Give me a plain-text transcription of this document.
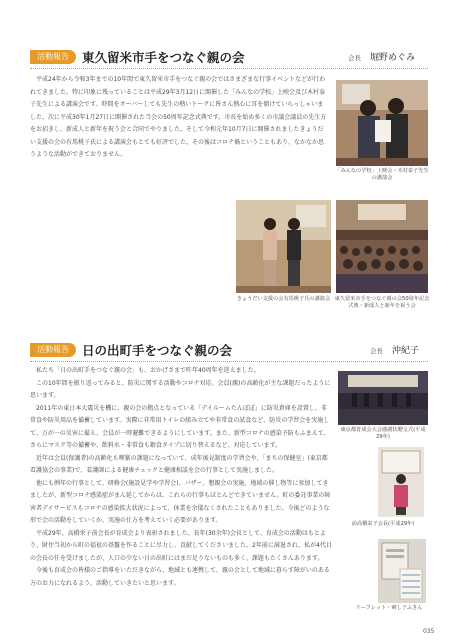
活動報告	東久留米市手をつなぐ親の会	会長 堀野めぐみ

平成24年から令和3年までの10年間で東久留米市手をつなぐ親の会ではさまざまな行事イベントなどが行われてきました。特に印象に残っていることは平成29年3月12日に開催した「みんなの学校」上映会及び木村泰子先生による講演会です。時間をオーバーしても先生の熱いトークに皆さん熱心に耳を傾けていらっしゃいました。次に平成30年1月27日に開催された当会の50周年記念式典です。市長を始め多くの市議会議員の先生方をお招きし、新成人と新年を祝う会と合同でやりました。そして今和元年10月7日に開催されましたきょうだい支援の会の有馬桃子氏による講演会もとても好評でした。その後はコロナ禍ということもあり、なかなか思うような活動ができておりません。

「みんなの学校」上映会・木村泰子先生の講演会

きょうだい支援の会有馬桃子氏の講演会 東久留米市手をつなぐ親の会50周年記念式典・新成人と新年を祝う会

活動報告	日の出町手をつなぐ親の会	会長 沖紀子

私たち「日の出町手をつなぐ親の会」も、おかげさまで昨年40周年を迎えました。

この10年間を振り返ってみると、防災に関する活動やコロナ対応、会員(親)の高齢化が主な課題だったように思います。

2011年の東日本大震災を機に、親の会の拠点となっている「デイルームたんぽぽ」に防災倉庫を設置し、非常食や防災用品を備蓄しています。実際に非常用トイレの組み立てや非常食の試食など、防災の学習会を実施して、万が一の災害に備え、会員が一時避難できるようにしています。また、新型コロナの感染予防もふまえて、さらにマスク等の備蓄や、飲料水・非常食も銀食タイプに切り替えるなど、対応しています。

近年は会員(保護者)の高齢化も喫緊の課題になっていて、成年後見制度の学習会や、「まちの保健室」(東京都看護協会の事業)で、看護師による健康チェックと健康相談を会の行事として実施しました。

他にも例年の行事として、研修会(施設見学や学習会)、バザー、懇親会の実施、地域の催し物等に参加してきましたが、新型コロナ感染症がまん延してからは、これらの行事もほとんどできていません。町の委託事業の障害者デイサービスもコロナの感染拡大状況によって、休業を余儀なくされたこともありました。今後どのような形で会の活動をしていくか、実施の仕方を考えていく必要があります。

平成29年、高橋栄子前会長が育成会より表彰されました。長年(30余年)会長として、育成会の活動はもとより、財住当初から町の福祉の基盤を作ることに尽力し、貢献してくださいました。2年前に満退され、私が4代目の会長の任を受けましたが、人口の少ない日の出町にはまだ足りないものも多く、課題もたくさんあります。

今後も育成会の皆様のご指導をいただきながら、地域とも連携して、親の会として地域に暮らす障がいのある方のお力になれるよう、活動していきたいと思います。

東京都育成会大会感謝状贈呈式(平成29年)

前高橋栄子会長(平成29年)

リーフレット・刺し子ふきん

035
